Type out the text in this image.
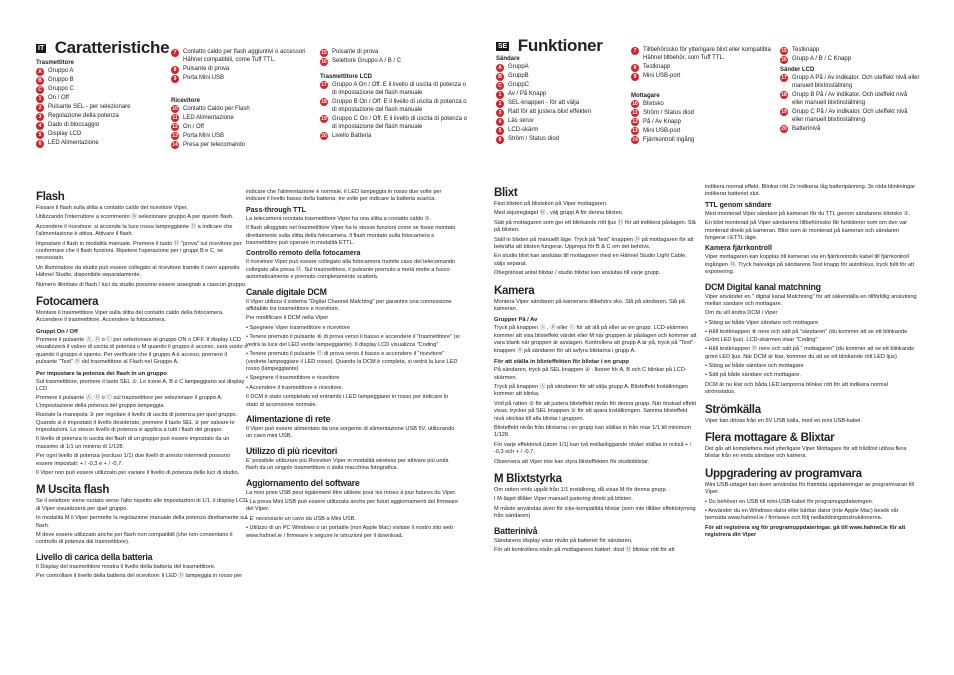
IT Caratteristiche
Trasmettitore
A	Gruppo A
B	Gruppo B
C	Gruppo C
1	On / Off
2	Pulsante SEL - per selezionare
3	Regolazione della potenza
4	Dado di bloccaggio
5	Display LCD
6	LED Alimentazione
7	Contatto caldo per flash aggiuntivi o accessori Hähnel compatibili, come Tuff TTL.
8	Pulsante di prova
9	Porta Mini USB
Ricevitore
10 Contatto Caldo per Flash
11 LED Alimentazione
12 On / Off
13 Porta Mini USB
14 Presa per telecomando
15 Pulsante di prova
16 Selettore Gruppo A / B / C
Trasmettitore LCD
17 Gruppo A On / Off. E il livello di uscita di potenza o di impostazione del flash manuale
18 Gruppo B On / Off. E il livello di uscita di potenza o di impostazione del flash manuale
19 Gruppo C On / Off. E il livello di uscita di potenza o di impostazione del flash manuale
20 Livello Batteria
Flash

Fissare il flash sulla slitta a contatto caldo del ricevitore Viper.

Utilizzando l'interruttore a scorrimento ⑯ selezionare gruppo A per questo flash.

Accendere il ricevitore: si accende la luce rossa lampeggiante ⑪ a indicare che l'alimentazione è attiva. Attivare il flash.

Impostare il flash in modalità manuale. Premere il tasto ⑮ "prova" sul ricevitore per confermare che il flash funzioni. Ripetere l'operazione per i gruppi B e C, se necessario.

Un illuminatore da studio può essere collegato al ricevitore tramite il cavo apposito Hähnel Studio, disponibile separatamente.

Numero illimitato di flash / luci da studio possono essere assegnati a ciascun gruppo.

Fotocamera

Montare il trasmettitore Viper sulla slitta del contatto caldo della fotocamera. Accendere il trasmettitore. Accendere la fotocamera.

Gruppi On / Off

Premere il pulsante Ⓐ, Ⓑ o Ⓒ per selezionare al gruppo ON o OFF. Il display LCD visualizzerà il valore di uscita di potenza o M quando il gruppo è acceso, sarà vuoto o quando il gruppo è spento. Per verificare che il gruppo A è acceso, premere il pulsante "Test" ⑧ del trasmettitore al Flash nel Gruppo A.

Per impostare la potenza dei flash in un gruppo

Sul trasmettitore, premere il tasto SEL ②. Le icone A, B e C lampeggiano sul display LCD.

Premere il pulsante Ⓐ, Ⓑ o Ⓒ sul trasmettitore per selezionare il gruppo A. L'impostazione della potenza del gruppo lampeggia.

Ruotate la manopola ③ per regolare il livello di uscita di potenza per quel gruppo. Quando si è impostato il livello desiderato, premere il tasto SEL ② per salvare le impostazioni. Lo stesso livello di potenza si applica a tutti i flash del gruppo.

Il livello di potenza in uscita dei flash di un gruppo può essere impostato da un massimo di 1/1 un minimo di 1/128.

Per ogni livello di potenza (escluso 1/1) due livelli di arresto intermedi possono essere impostati: + / -0,3 e + / -0,7.

Il Viper non può essere utilizzato per variare il livello di potenza delle luci di studio.

M Uscita flash

Se il selettore viene ruotato verso l'alto rispetto alle impostazioni di 1/1, il display LCD di Viper visualizzerà per quel gruppo.

In modalità M il Viper permette la regolazione manuale della potenza direttamente sul flash.

M deve essere utilizzato anche per flash non compatibili (che non consentano il controllo di potenza dal trasmettitore).

Livello di carica della batteria

Il Display del trasmettitore mostra il livello della batteria del trasmettitore.

Per controllare il livello della batteria del ricevitore: il LED ⑪ lampeggia in rosso per

indicare che l'alimentazione è normale, il LED lampeggia in rosso due volte per indicare il livello basso della batteria; tre volte per indicare la batteria scarica.

Pass-through TTL

La telecamera montata trasmettitore Viper ha una slitta a contatto caldo ⑦.

Il flash alloggiato nel trasmettitore Viper ha le stesse funzioni come se fosse montato direttamente sulla slitta della fotocamera. Il flash montato sulla fotocamera e trasmettitore può operare in modalità ETTL.

Controllo remoto della fotocamera

Il ricevitore Viper può essere collegato alla fotocamera tramite cavo del telecomando collegato alla presa ⑭. Sul trasmettitore, il pulsante premuto a metà mette a fuoco automaticamente e premuto completamente scatterà.

Canale digitale DCM

Il Viper utilizza il sistema "Digital Channel Matching" per garantire una connessione affidabile tra trasmettitore e ricevitore.

Per modificare il DCM nella Viper

• Spegnere Viper trasmettitore e ricevitore

• Tenere premuto il pulsante ⑧ di prova verso il basso e accendere il "trasmettitore" (si vedrà la luce del LED verde lampeggiante). Il display LCD visualizza "Coding"

• Tenere premuto il pulsante ⑮ di prova verso il basso e accendere il "ricevitore" (vedrete lampeggiare il LED rosso). Quando la DCM è completa, si vedrà la luce LED rosso (lampeggiante)

• Spegnere il trasmettitore e ricevitore

• Accendere il trasmettitore e ricevitore.

Il DCM è stato completato ed entrambi i LED lampeggiano in rosso per indicare lo stato di accensione normale.

Alimentazione di rete

Il Viper può essere alimentato da una sorgente di alimentazione USB 5V, utilizzando un cavo mini USB.

Utilizzo di più ricevitori

E' possibile utilizzare più Ricevitori Viper in modalità wireless per attivare più unità flash da un singolo trasmettitore o dalla macchina fotografica.

Aggiornamento del software

La mini prise USB peut également être utilisée pour les mises à jour futures du Viper.

• La presa Mini USB può essere utilizzata anche per futuri aggiornamenti del firmware del Viper.

• E' necessario un cavo da USB a Mini USB.

• Utilizzo di un PC Windows o un portatile (non Apple Mac) visitate il nostro sito web www.hahnel.ie / firmware e seguire le istruzioni per il download.

SE Funktioner
Sändare
A	GruppA
B	GruppB
C	GruppC
1	Av / På Knapp
2	SEL-knappen - för att välja
3	Ratt för att justera blixt effekten
4	Läs skruv
5	LCD-skärm
6	Ström / Status diod
7	Tillbehörssko för ytterligare blixt eller kompatibla Hähnel tillbehör, som Tuff TTL.
8	Testknapp
9	Mini USB-port
Mottagare
10 Blixtsko
11 Ström / Status diod
12 På / Av Knapp
13 Mini USB-port
14 Fjärrkontroll ingång
15 Testknapp
16 Grupp A / B / C Knapp
Sänder LCD
17 Grupp A På / Av indikator. Och uteffekt nivå eller manuell blixtinställning
18 Grupp B På / Av indikator. Och uteffekt nivå eller manuell blixtinställning
19 Grupp C På / Av indikator. Och uteffekt nivå eller manuell blixtinställning
20 Batterinivå
Blixt

Fäst blixten på blixtskon på Viper mottagaren.

Med skjutreglaget ⑯ , välj grupp A för denna blixten.

Sätt på mottagaren som ger ett blinkande rött ljus ⑪ för att indikera påslagen. Slå på blixten.

Ställ in blixten på manuellt läge. Tryck på "test" knappen ⑮ på mottagaren för att bekräfta att blixten fungerar. Upprepa för B & C om det behövs.

En studio blixt kan anslutas till mottagaren med en Hähnel Studio Light Cable, säljs separat.

Obegränsat antal blixtar / studio blixtar kan anslutas till varje grupp.

Kamera

Montera Viper sändaren på kamerans tillbehörs sko. Slå på sändaren. Slå på kameran.

Grupper På / Av

Tryck på knappen Ⓐ , Ⓑ eller Ⓒ för att slå på eller av en grupp. LCD-skärmen kommer att visa blixteffekt värdet eller M när gruppen är påslagen och kommer att vara blank när gruppen är avslagen. Kontrollera att grupp A är på, tryck på "Test"- knappen ⑧ på sändaren för att avfyra blixtarna i grupp A.

För att ställa in blixteffekten för blixtar i en grupp

På sändaren, tryck på SEL knappen ② . Ikoner för A, B och C blinkar på LCD-skärmen.

Tryck på knappen Ⓐ på sändaren för att välja grupp A. Blixteffekt Inställningen kommer att blinka.

Vrid på ratten ③ för att justera blixteffekt nivån för denna grupp. När önskad effekt visas, trycker på SEL knappen ② för att spara inställningen. Samma blixteffekt nivå skickas till alla blixtar i gruppen.

Blixteffekt nivån från blixtarna i en grupp kan ställas in från max 1/1 till minimum 1/128.

För varje effektnivå (utom 1/1) kan två mellanliggande nivåer ställas in också + / -0,3 och + / -0,7.

Observera att Viper inte kan styra blixteffekten för studioblixtar.

M Blixtstyrka

Om ratten vrids uppåt från 1/1 inställning, då visas M för denna grupp.

I M-läget tillåter Viper manuell justering direkt på blixten.

M måste användas även för icke-kompatibla blixtar (som inte tillåter effektstyrning från sändaren)

Batterinivå

Sändarens display visar nivån på batteriet för sändaren.

För att kontrollera nivån på mottagarens batteri: diod ⑪ blinkar rött för att

indikera normal effekt. Blinkar rött 2x indikerar låg batteripänning. 3x röda blinkningar indikerar batteriet slut.

TTL genom sändare

Med monterad Viper sändare på kameran får du TTL genom sändarens blixtsko ⑦.

En blixt monterad på Viper sändarens tillbehörssko får funktioner som om den var monterad direkt på kameran. Blixt som är monterad på kameran och sändaren fungerar i ETTL läge.

Kamera fjärrkontroll

Viper mottagaren kan kopplas till kameran via en fjärrkontrolls kabel till fjärrkontroll ingången ⑭. Tryck halvvägs på sändarens Test knapp för autofokus, tryck fullt för att exponering.

DCM Digital kanal matchning

Viper använder en " digital kanal Matchning" för att säkerställa en tillförlitlig anslutning mellan sändare och mottagare.

Om du vill ändra DCM i Viper

• Stäng av både Viper sändare och mottagare

• Håll testknappen ⑧ nere och sätt på "sändaren" (du kommer att se ett blinkande Grönt LED ljus). LCD-skärmen visar "Coding"

• Håll testknappen ⑮ nere och sätt på " mottagaren" (du kommer att se ett blinkande grönt LED ljus. När DCM är klar, kommer du att se ett blinkande rött LED ljus)

• Stäng av både sändare och mottagare

• Sätt på både sändare och mottagare.

DCM är nu klar och båda LED lamporna blinkar rött för att indikera normal strömstatus.

Strömkälla

Viper kan drivas från en 5V USB källa, med en mini USB-kabel.

Flera mottagare & Blixtar

Det går att komplettera med ytterligare Viper Mottagare för att trådlöst utlösa flera blixtar från en enda sändare och kamera.

Uppgradering av programvara

Mini USB-uttaget kan även användas för framtida uppdateringar av programvaran till Viper.

• Du behöver en USB till mini-USB-kabel för programuppdateringen.

• Använder du en Windows-dator eller bärbar dator (inte Apple Mac) besök vår hemsida www.hahnel.ie / firmware och följ nedladdningsinstruktionerna.

För att registrera sig för programuppdateringar, gå till www.hahnel.ie för att registrera din Viper
